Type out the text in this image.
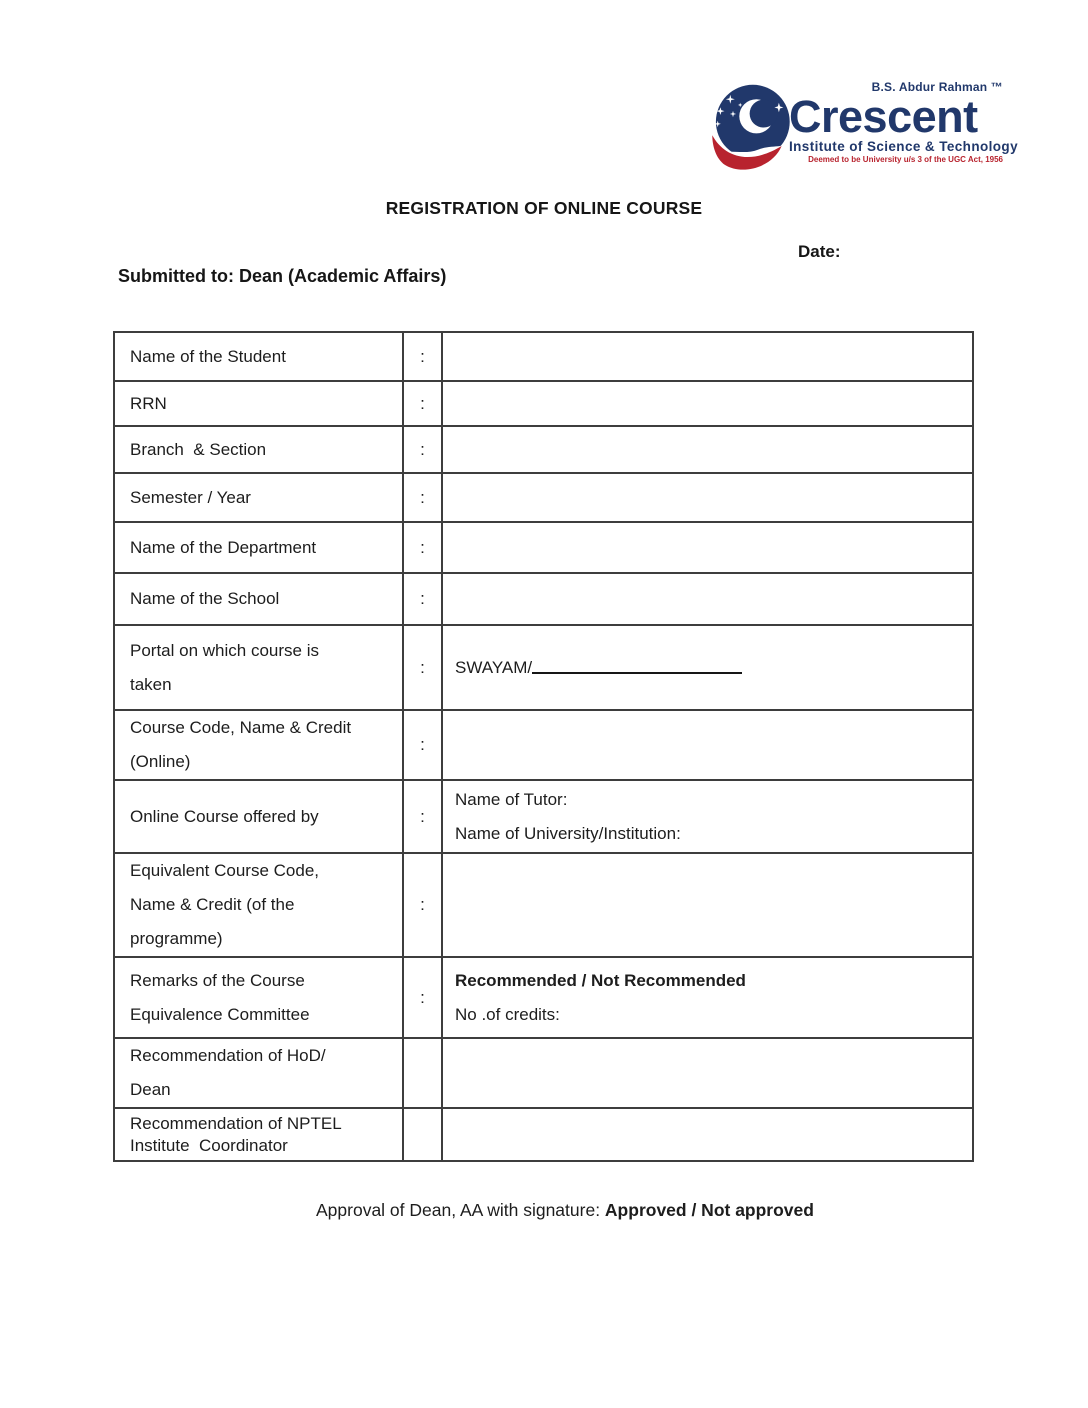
B.S. Abdur Rahman ™
Crescent
Institute of Science & Technology
Deemed to be University u/s 3 of the UGC Act, 1956
REGISTRATION OF ONLINE COURSE
Date:
Submitted to: Dean (Academic Affairs)
Name of the Student	:	

RRN	:	

Branch  & Section	:	

Semester / Year	:	

Name of the Department	:	

Name of the School	:	

Portal on which course is
taken	:	SWAYAM/

Course Code, Name & Credit
(Online)	:	

Online Course offered by	:	Name of Tutor:
Name of University/Institution:

Equivalent Course Code,
Name & Credit (of the
programme)	:	

Remarks of the Course
Equivalence Committee
	:	
Recommended / Not Recommended
No .of credits:

Recommendation of HoD/
Dean		

Recommendation of NPTEL
Institute  Coordinator		

Approval of Dean, AA with signature: Approved / Not approved
